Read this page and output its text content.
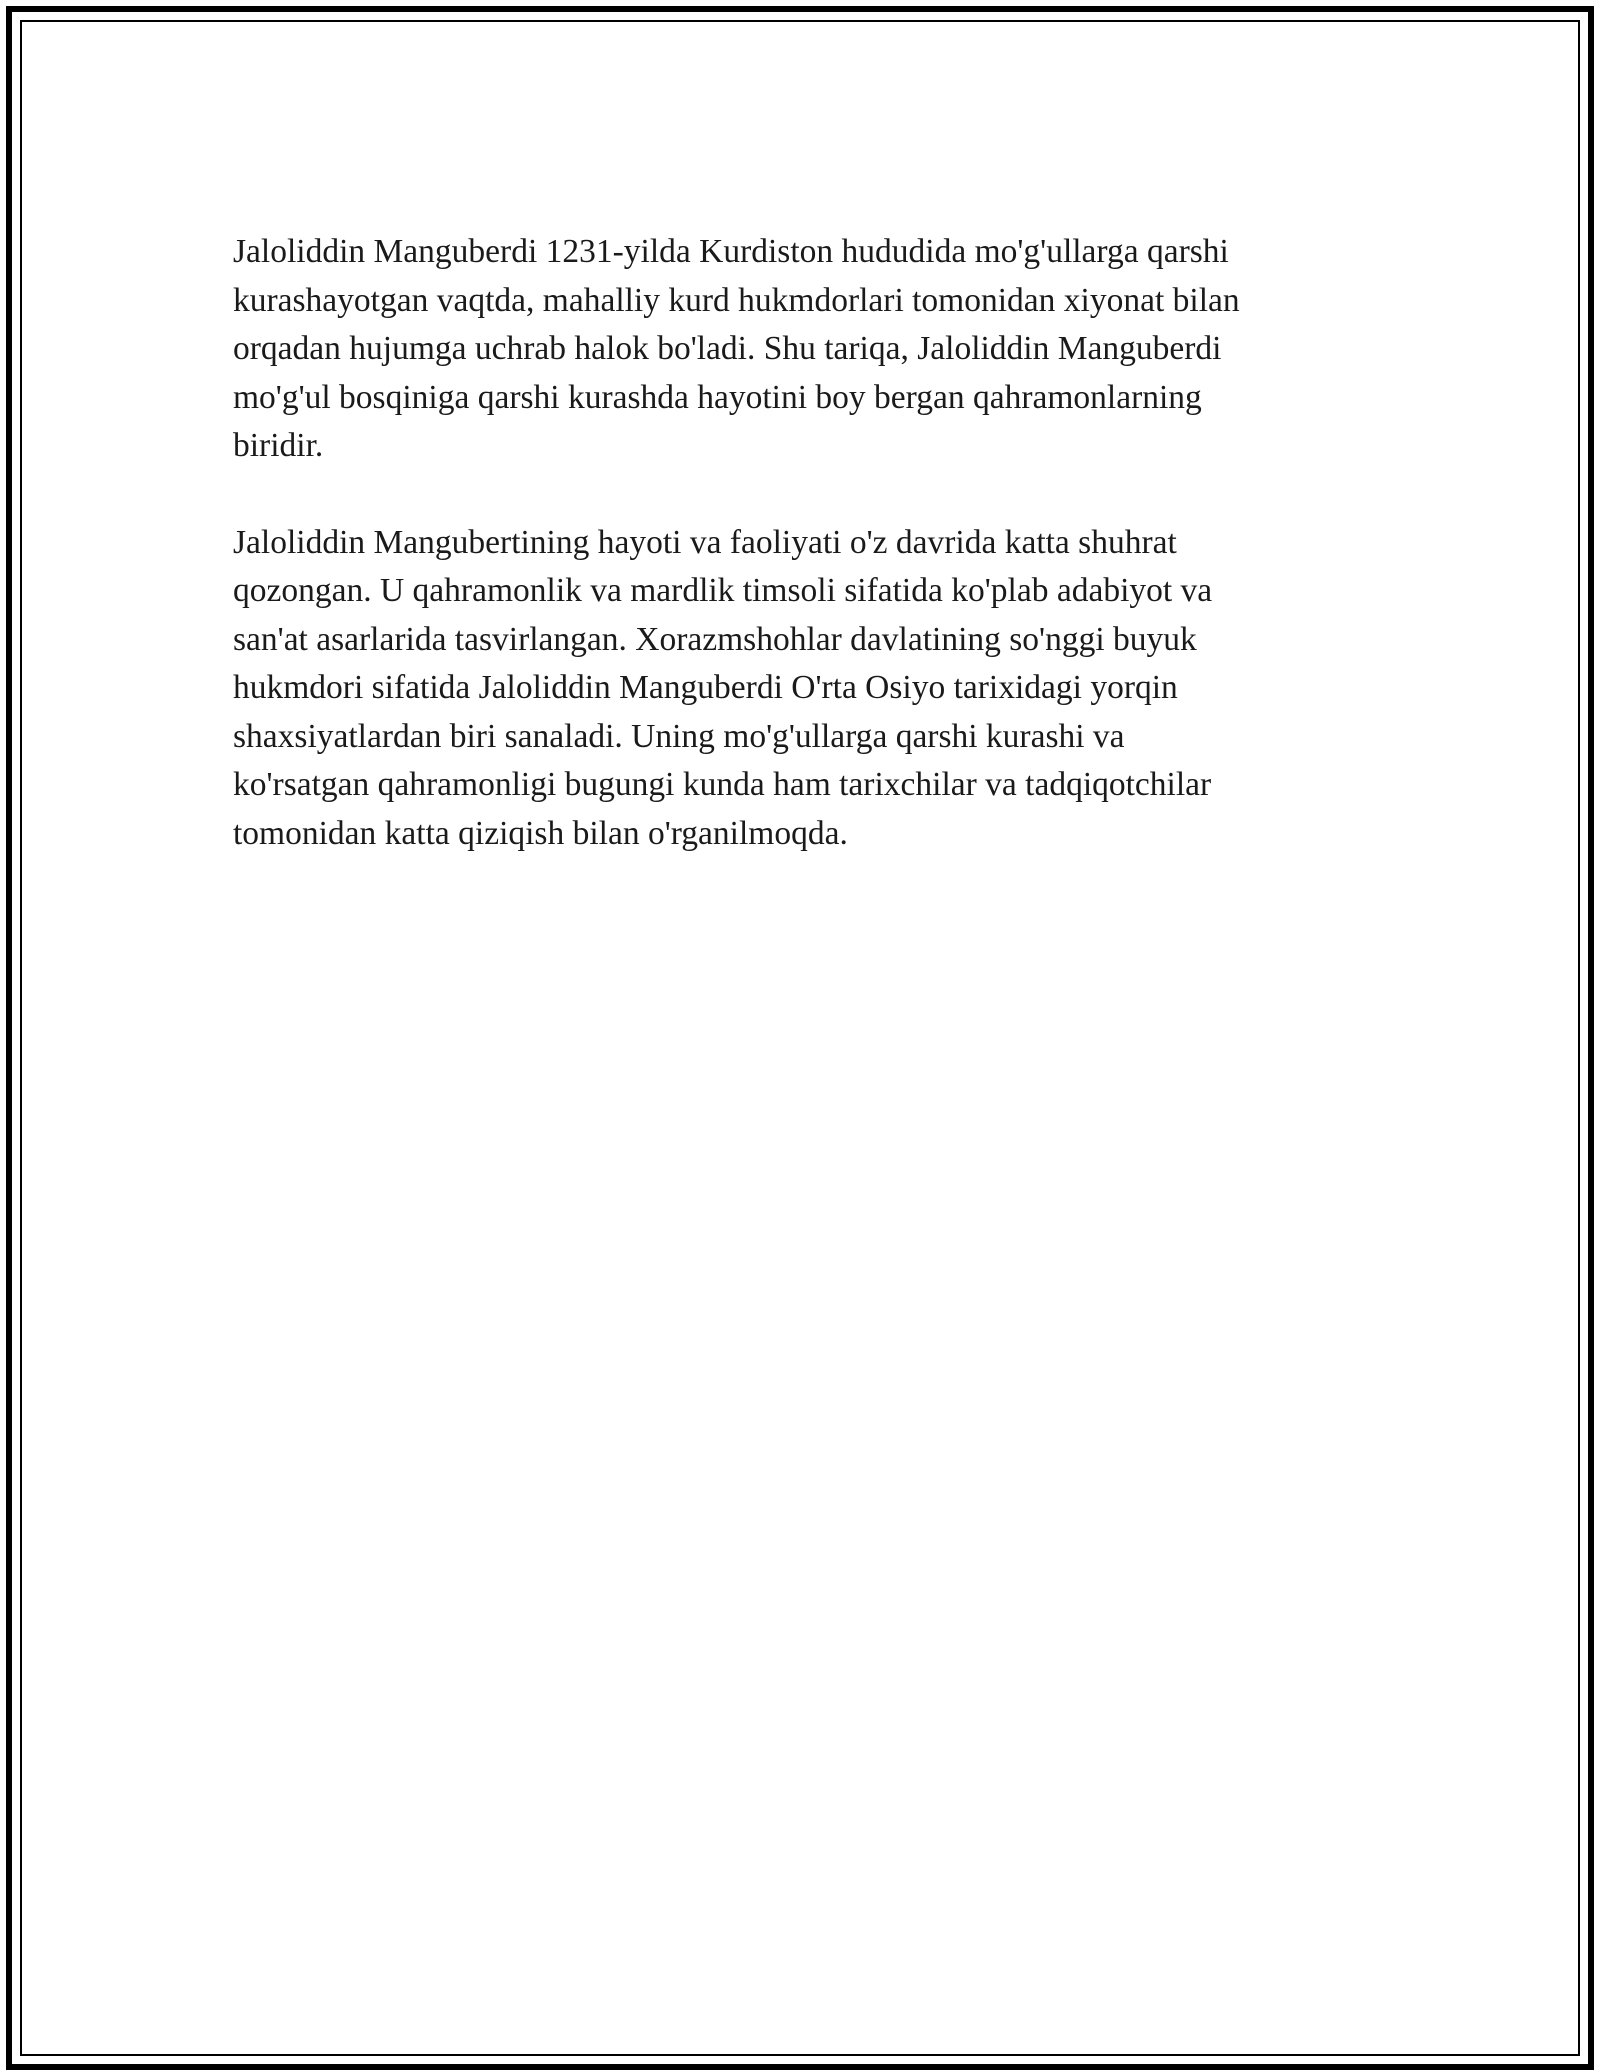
Jaloliddin Manguberdi 1231-yilda Kurdiston hududida mo'g'ullarga qarshi
kurashayotgan vaqtda, mahalliy kurd hukmdorlari tomonidan xiyonat bilan
orqadan hujumga uchrab halok bo'ladi. Shu tariqa, Jaloliddin Manguberdi
mo'g'ul bosqiniga qarshi kurashda hayotini boy bergan qahramonlarning
biridir.

Jaloliddin Mangubertining hayoti va faoliyati o'z davrida katta shuhrat
qozongan. U qahramonlik va mardlik timsoli sifatida ko'plab adabiyot va
san'at asarlarida tasvirlangan. Xorazmshohlar davlatining so'nggi buyuk
hukmdori sifatida Jaloliddin Manguberdi O'rta Osiyo tarixidagi yorqin
shaxsiyatlardan biri sanaladi. Uning mo'g'ullarga qarshi kurashi va
ko'rsatgan qahramonligi bugungi kunda ham tarixchilar va tadqiqotchilar
tomonidan katta qiziqish bilan o'rganilmoqda.
